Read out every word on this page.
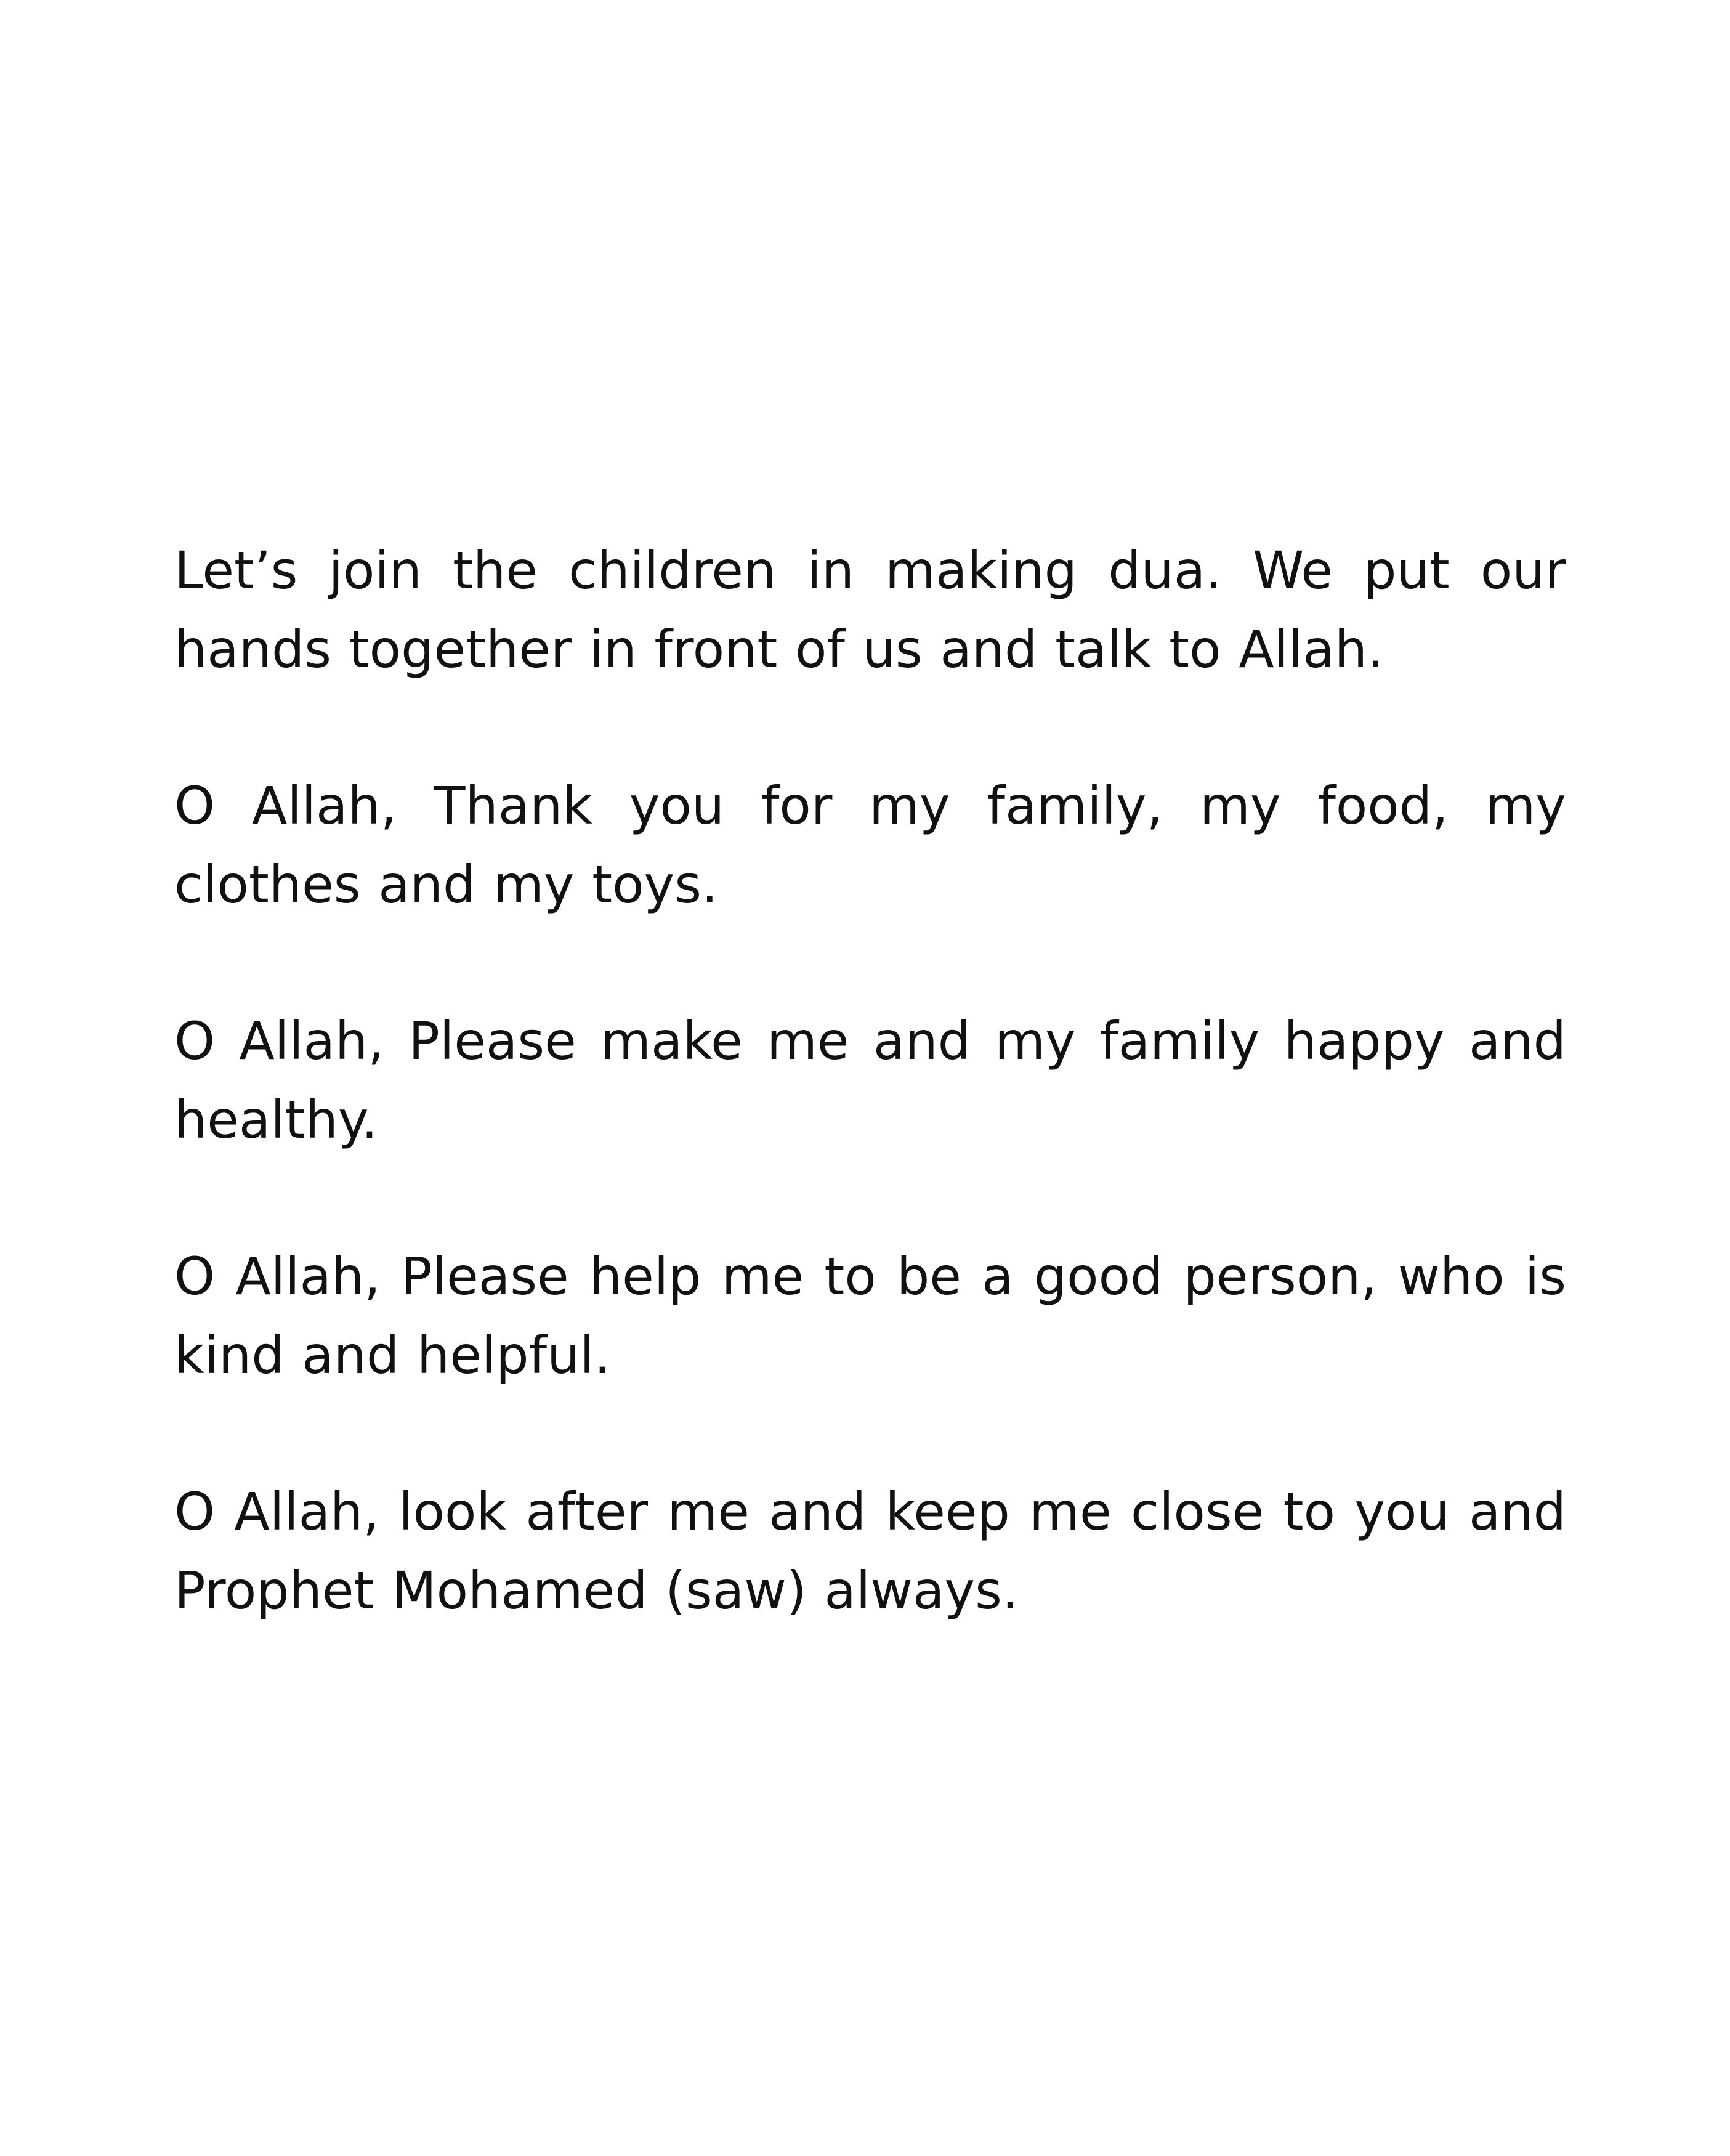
Let’s join the children in making dua. We put our hands together in front of us and talk to Allah.

O Allah, Thank you for my family, my food, my clothes and my toys.

O Allah, Please make me and my family happy and healthy.

O Allah, Please help me to be a good person, who is kind and helpful.

O Allah, look after me and keep me close to you and Prophet Mohamed (saw) always.
